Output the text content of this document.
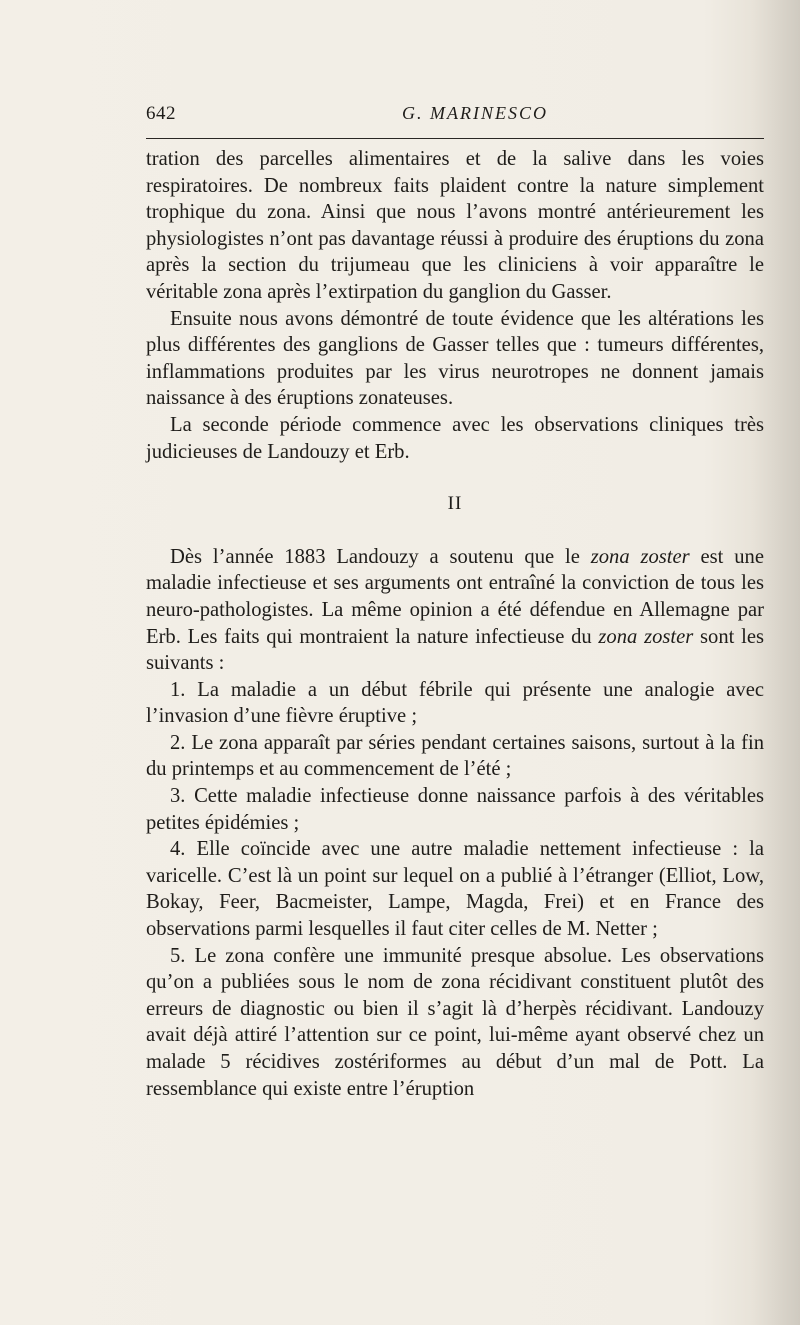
642	G. MARINESCO

tration des parcelles alimentaires et de la salive dans les voies respiratoires. De nombreux faits plaident contre la nature simplement trophique du zona. Ainsi que nous l’avons montré antérieurement les physiologistes n’ont pas davantage réussi à produire des éruptions du zona après la section du trijumeau que les cliniciens à voir apparaître le véritable zona après l’extirpation du ganglion du Gasser.

Ensuite nous avons démontré de toute évidence que les altérations les plus différentes des ganglions de Gasser telles que : tumeurs différentes, inflammations produites par les virus neurotropes ne donnent jamais naissance à des éruptions zonateuses.

La seconde période commence avec les observations cliniques très judicieuses de Landouzy et Erb.

II

Dès l’année 1883 Landouzy a soutenu que le zona zoster est une maladie infectieuse et ses arguments ont entraîné la conviction de tous les neuro-pathologistes. La même opinion a été défendue en Allemagne par Erb. Les faits qui montraient la nature infectieuse du zona zoster sont les suivants :

1. La maladie a un début fébrile qui présente une analogie avec l’invasion d’une fièvre éruptive ;

2. Le zona apparaît par séries pendant certaines saisons, surtout à la fin du printemps et au commencement de l’été ;

3. Cette maladie infectieuse donne naissance parfois à des véritables petites épidémies ;

4. Elle coïncide avec une autre maladie nettement infectieuse : la varicelle. C’est là un point sur lequel on a publié à l’étranger (Elliot, Low, Bokay, Feer, Bacmeister, Lampe, Magda, Frei) et en France des observations parmi lesquelles il faut citer celles de M. Netter ;

5. Le zona confère une immunité presque absolue. Les observations qu’on a publiées sous le nom de zona récidivant constituent plutôt des erreurs de diagnostic ou bien il s’agit là d’herpès récidivant. Landouzy avait déjà attiré l’attention sur ce point, lui-même ayant observé chez un malade 5 récidives zostériformes au début d’un mal de Pott. La ressemblance qui existe entre l’éruption
